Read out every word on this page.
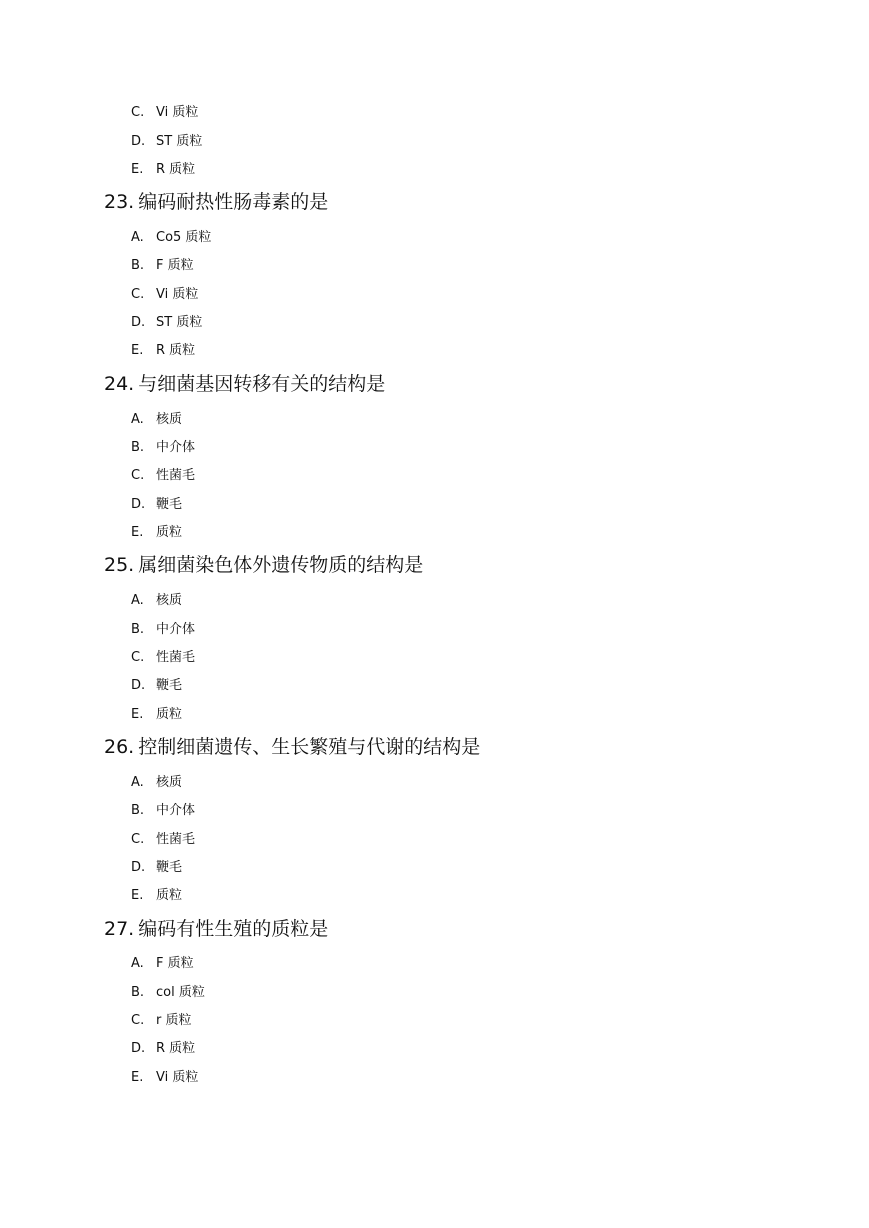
C. Vi 质粒

D. ST 质粒

E. R 质粒

23. 编码耐热性肠毒素的是

A. Co5 质粒

B. F 质粒

C. Vi 质粒

D. ST 质粒

E. R 质粒

24. 与细菌基因转移有关的结构是

A. 核质

B. 中介体

C. 性菌毛

D. 鞭毛

E. 质粒

25. 属细菌染色体外遗传物质的结构是

A. 核质

B. 中介体

C. 性菌毛

D. 鞭毛

E. 质粒

26. 控制细菌遗传、生长繁殖与代谢的结构是

A. 核质

B. 中介体

C. 性菌毛

D. 鞭毛

E. 质粒

27. 编码有性生殖的质粒是

A. F 质粒

B. col 质粒

C. r 质粒

D. R 质粒

E. Vi 质粒
